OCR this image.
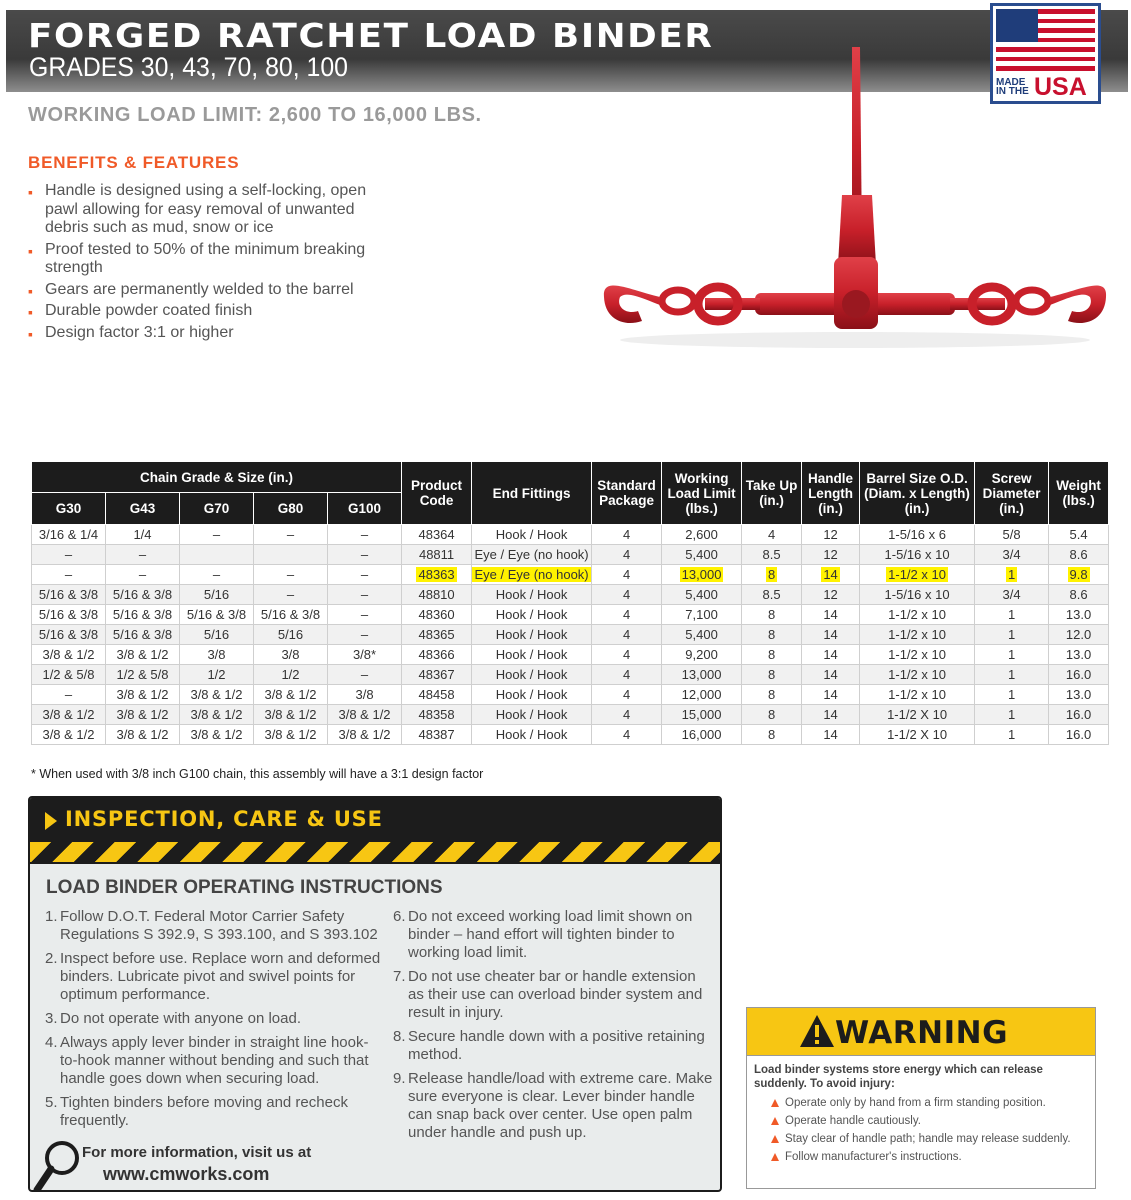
FORGED RATCHET LOAD BINDER
GRADES 30, 43, 70, 80, 100
MADE
IN THE USA
WORKING LOAD LIMIT: 2,600 TO 16,000 LBS.
BENEFITS & FEATURES
▪ Handle is designed using a self-locking, open pawl allowing for easy removal of unwanted debris such as mud, snow or ice
▪ Proof tested to 50% of the minimum breaking strength
▪ Gears are permanently welded to the barrel
▪ Durable powder coated finish
▪ Design factor 3:1 or higher
Chain Grade & Size (in.)					Product Code	End Fittings	Standard Package	Working Load Limit (lbs.)	Take Up (in.)	Handle Length (in.)	Barrel Size O.D. (Diam. x Length) (in.)	Screw Diameter (in.)	Weight (lbs.)
G30	G43	G70	G80	G100									
3/16 & 1/4	1/4	–	–	–	48364	Hook / Hook	4	2,600	4	12	1-5/16 x 6	5/8	5.4
–	–			–	48811	Eye / Eye (no hook)	4	5,400	8.5	12	1-5/16 x 10	3/4	8.6
–	–	–	–	–	48363	Eye / Eye (no hook)	4	13,000	8	14	1-1/2 x 10	1	9.8
5/16 & 3/8	5/16 & 3/8	5/16	–	–	48810	Hook / Hook	4	5,400	8.5	12	1-5/16 x 10	3/4	8.6
5/16 & 3/8	5/16 & 3/8	5/16 & 3/8	5/16 & 3/8	–	48360	Hook / Hook	4	7,100	8	14	1-1/2 x 10	1	13.0
5/16 & 3/8	5/16 & 3/8	5/16	5/16	–	48365	Hook / Hook	4	5,400	8	14	1-1/2 x 10	1	12.0
3/8 & 1/2	3/8 & 1/2	3/8	3/8	3/8*	48366	Hook / Hook	4	9,200	8	14	1-1/2 x 10	1	13.0
1/2 & 5/8	1/2 & 5/8	1/2	1/2	–	48367	Hook / Hook	4	13,000	8	14	1-1/2 x 10	1	16.0
–	3/8 & 1/2	3/8 & 1/2	3/8 & 1/2	3/8	48458	Hook / Hook	4	12,000	8	14	1-1/2 x 10	1	13.0
3/8 & 1/2	3/8 & 1/2	3/8 & 1/2	3/8 & 1/2	3/8 & 1/2	48358	Hook / Hook	4	15,000	8	14	1-1/2 X 10	1	16.0
3/8 & 1/2	3/8 & 1/2	3/8 & 1/2	3/8 & 1/2	3/8 & 1/2	48387	Hook / Hook	4	16,000	8	14	1-1/2 X 10	1	16.0
* When used with 3/8 inch G100 chain, this assembly will have a 3:1 design factor
INSPECTION, CARE & USE
LOAD BINDER OPERATING INSTRUCTIONS
1. Follow D.O.T. Federal Motor Carrier Safety Regulations S 392.9, S 393.100, and S 393.102
2. Inspect before use. Replace worn and deformed binders. Lubricate pivot and swivel points for optimum performance.
3. Do not operate with anyone on load.
4. Always apply lever binder in straight line hook-to-hook manner without bending and such that handle goes down when securing load.
5. Tighten binders before moving and recheck frequently.
6. Do not exceed working load limit shown on binder – hand effort will tighten binder to working load limit.
7. Do not use cheater bar or handle extension as their use can overload binder system and result in injury.
8. Secure handle down with a positive retaining method.
9. Release handle/load with extreme care. Make sure everyone is clear. Lever binder handle can snap back over center. Use open palm under handle and push up.
For more information, visit us at
www.cmworks.com
WARNING
Load binder systems store energy which can release suddenly. To avoid injury:
Operate only by hand from a firm standing position.
Operate handle cautiously.
Stay clear of handle path; handle may release suddenly.
Follow manufacturer's instructions.
